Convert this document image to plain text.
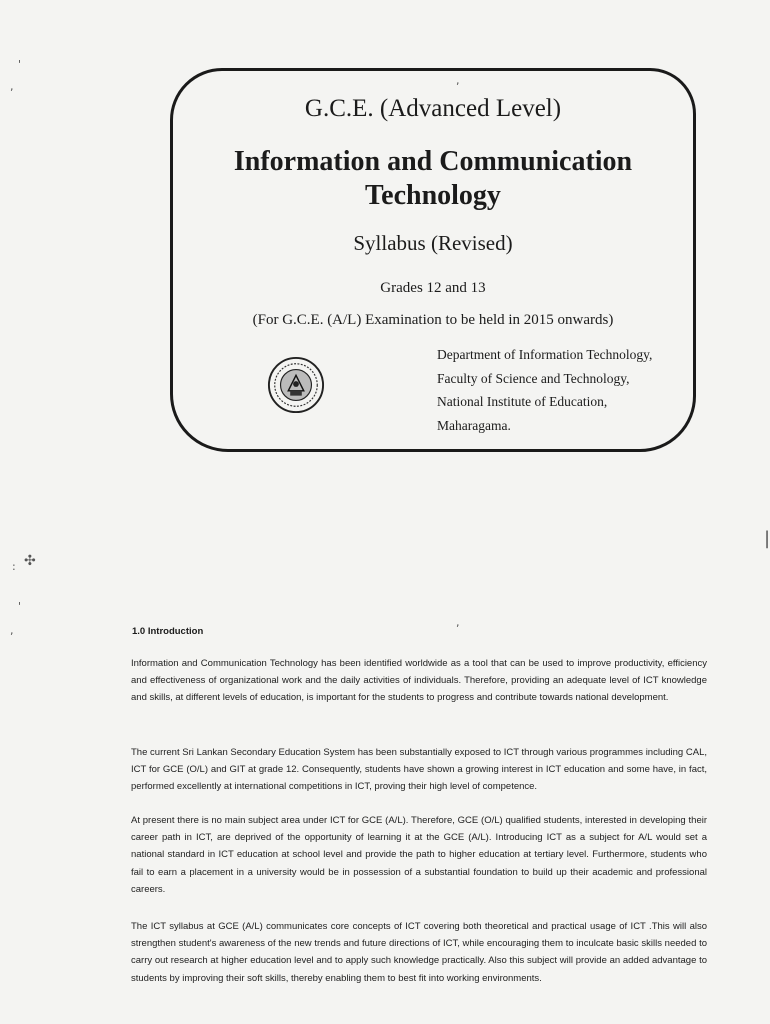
'
,
✣
:
'
,
|
,
,
G.C.E. (Advanced Level)
Information and Communication Technology
Syllabus (Revised)
Grades 12 and 13
(For G.C.E. (A/L) Examination to be held in 2015 onwards)
Department of Information Technology,
Faculty of Science and Technology,
National Institute of Education,
Maharagama.
1.0 Introduction

Information and Communication Technology has been identified worldwide as a tool that can be used to improve productivity, efficiency and effectiveness of organizational work and the daily activities of individuals. Therefore, providing an adequate level of ICT knowledge and skills, at different levels of education, is important for the students to progress and contribute towards national development.

The current Sri Lankan Secondary Education System has been substantially exposed to ICT through various programmes including CAL, ICT for GCE (O/L) and GIT at grade 12. Consequently, students have shown a growing interest in ICT education and some have, in fact, performed excellently at international competitions in ICT, proving their high level of competence.

At present there is no main subject area under ICT for GCE (A/L). Therefore, GCE (O/L) qualified students, interested in developing their career path in ICT, are deprived of the opportunity of learning it at the GCE (A/L). Introducing ICT as a subject for A/L would set a national standard in ICT education at school level and provide the path to higher education at tertiary level. Furthermore, students who fail to earn a placement in a university would be in possession of a substantial foundation to build up their academic and professional careers.

The ICT syllabus at GCE (A/L) communicates core concepts of ICT covering both theoretical and practical usage of ICT .This will also strengthen student's awareness of the new trends and future directions of ICT, while encouraging them to inculcate basic skills needed to carry out research at higher education level and to apply such knowledge practically. Also this subject will provide an added advantage to students by improving their soft skills, thereby enabling them to best fit into working environments.
